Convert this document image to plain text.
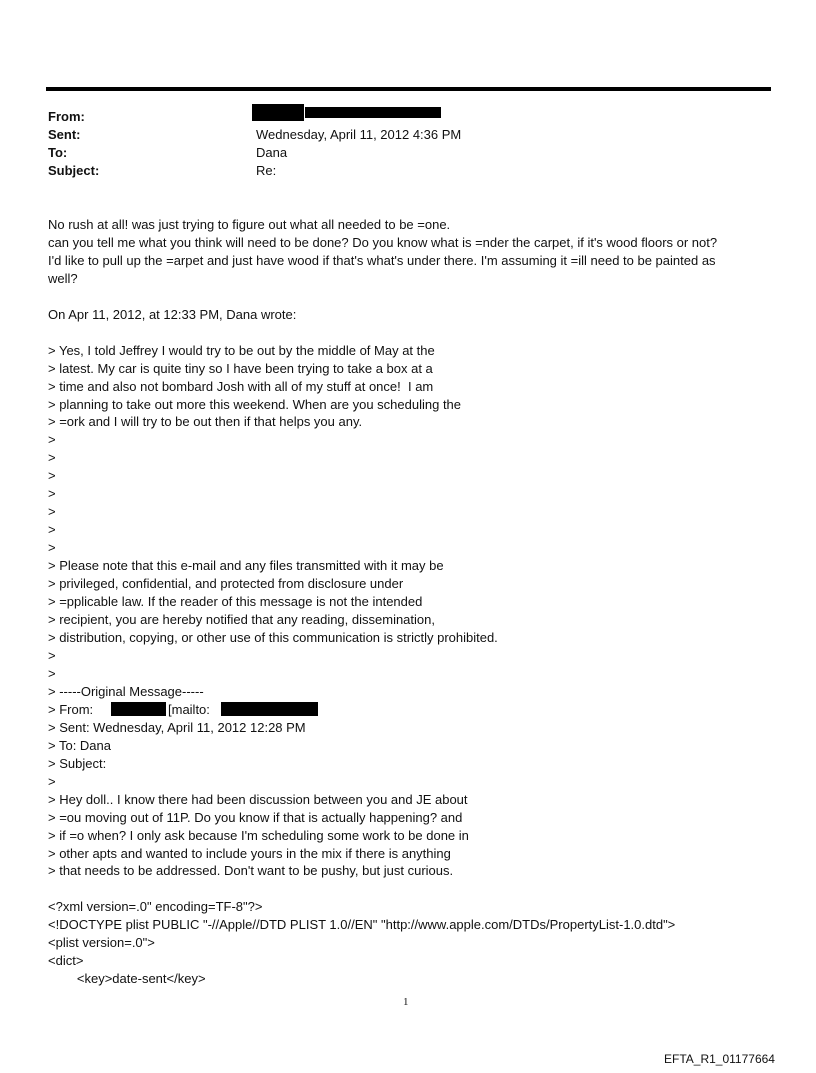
From:
Sent:	Wednesday, April 11, 2012 4:36 PM
To:	Dana
Subject:	Re:
No rush at all! was just trying to figure out what all needed to be =one.
can you tell me what you think will need to be done? Do you know what is =nder the carpet, if it's wood floors or not?
I'd like to pull up the =arpet and just have wood if that's what's under there. I'm assuming it =ill need to be painted as
well?
On Apr 11, 2012, at 12:33 PM, Dana wrote:
> Yes, I told Jeffrey I would try to be out by the middle of May at the
> latest. My car is quite tiny so I have been trying to take a box at a
> time and also not bombard Josh with all of my stuff at once!  I am
> planning to take out more this weekend. When are you scheduling the
> =ork and I will try to be out then if that helps you any.
>
>
>
>
>
>
>
> Please note that this e-mail and any files transmitted with it may be
> privileged, confidential, and protected from disclosure under
> =pplicable law. If the reader of this message is not the intended
> recipient, you are hereby notified that any reading, dissemination,
> distribution, copying, or other use of this communication is strictly prohibited.
>
>
> -----Original Message-----
> From:	[mailto:
> Sent: Wednesday, April 11, 2012 12:28 PM
> To: Dana
> Subject:
>
> Hey doll.. I know there had been discussion between you and JE about
> =ou moving out of 11P. Do you know if that is actually happening? and
> if =o when? I only ask because I'm scheduling some work to be done in
> other apts and wanted to include yours in the mix if there is anything
> that needs to be addressed. Don't want to be pushy, but just curious.
<?xml version=.0" encoding=TF-8"?>
<!DOCTYPE plist PUBLIC "-//Apple//DTD PLIST 1.0//EN" "http://www.apple.com/DTDs/PropertyList-1.0.dtd">
<plist version=.0">
<dict>
<key>date-sent</key>
1
EFTA_R1_01177664
